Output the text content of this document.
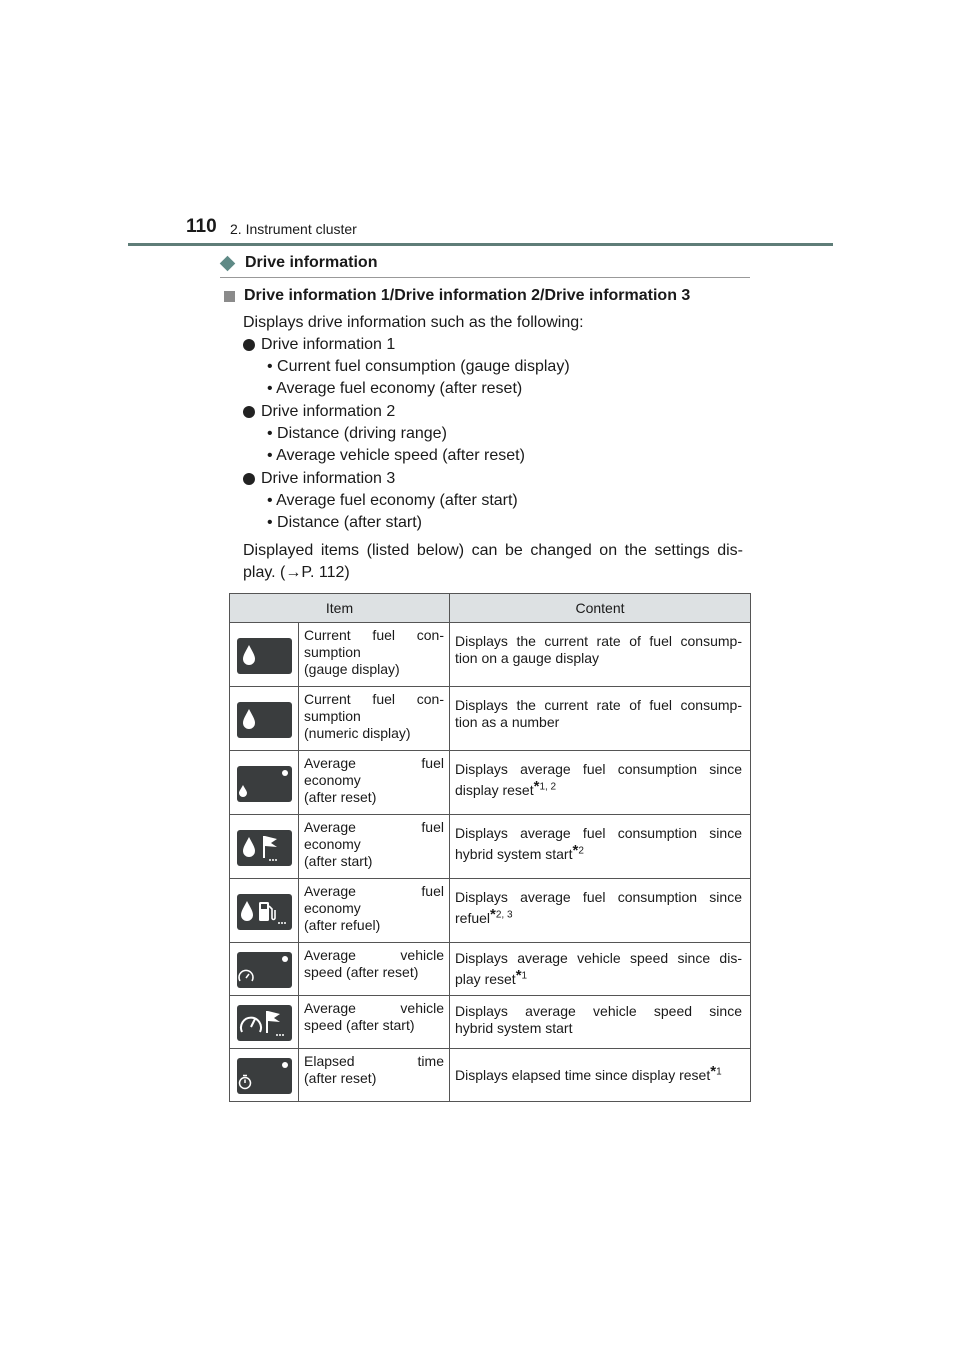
110 2. Instrument cluster
Drive information
Drive information 1/Drive information 2/Drive information 3
Displays drive information such as the following:
Drive information 1
• Current fuel consumption (gauge display)
• Average fuel economy (after reset)
Drive information 2
• Distance (driving range)
• Average vehicle speed (after reset)
Drive information 3
• Average fuel economy (after start)
• Distance (after start)
Displayed items (listed below) can be changed on the settings dis-
play. (→P. 112)
Item		Content

Current fuel con-
sumption
(gauge display)	Displays the current rate of fuel consump-
tion on a gauge display

Current fuel con-
sumption
(numeric display)	Displays the current rate of fuel consump-
tion as a number

Average fuel
economy
(after reset)	Displays average fuel consumption since
display reset*$^{1, 2}$

Average fuel
economy
(after start)	Displays average fuel consumption since
hybrid system start*$^2$

Average fuel
economy
(after refuel)	Displays average fuel consumption since
refuel*$^{2, 3}$

Average vehicle
speed (after reset)	Displays average vehicle speed since dis-
play reset*$^1$

Average vehicle
speed (after start)	Displays average vehicle speed since
hybrid system start

Elapsed time
(after reset)	Displays elapsed time since display reset*$^1$
